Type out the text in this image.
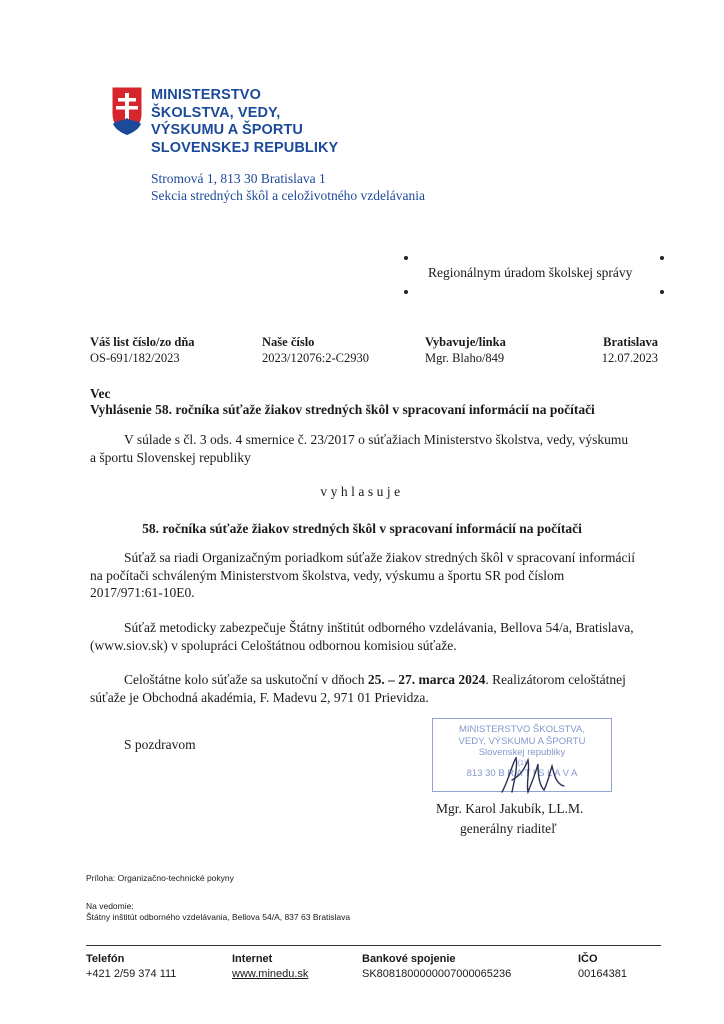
MINISTERSTVO
ŠKOLSTVA, VEDY,
VÝSKUMU A ŠPORTU
SLOVENSKEJ REPUBLIKY
Stromová 1, 813 30 Bratislava 1
Sekcia stredných škôl a celoživotného vzdelávania
Regionálnym úradom školskej správy
Váš list číslo/zo dňa
OS-691/182/2023
Naše číslo
2023/12076:2-C2930
Vybavuje/linka
Mgr. Blaho/849
Bratislava
12.07.2023
Vec
Vyhlásenie 58. ročníka súťaže žiakov stredných škôl v spracovaní informácií na počítači
V súlade s čl. 3 ods. 4 smernice č. 23/2017 o súťažiach Ministerstvo školstva, vedy, výskumu
a športu Slovenskej republiky
vyhlasuje
58. ročníka súťaže žiakov stredných škôl v spracovaní informácií na počítači
Súťaž sa riadi Organizačným poriadkom súťaže žiakov stredných škôl v spracovaní informácií
na počítači schváleným Ministerstvom školstva, vedy, výskumu a športu SR pod číslom
2017/971:61-10E0.
Súťaž metodicky zabezpečuje Štátny inštitút odborného vzdelávania, Bellova 54/a, Bratislava,
(www.siov.sk) v spolupráci Celoštátnou odbornou komisiou súťaže.
Celoštátne kolo súťaže sa uskutoční v dňoch 25. – 27. marca 2024. Realizátorom celoštátnej
súťaže je Obchodná akadémia, F. Madevu 2, 971 01 Prievidza.
S pozdravom
MINISTERSTVO ŠKOLSTVA,
VEDY, VÝSKUMU A ŠPORTU
Slovenskej republiky
(1)
813 30 B R A T I S L A V A
Mgr. Karol Jakubík, LL.M.
generálny riaditeľ
Príloha: Organizačno-technické pokyny
Na vedomie:
Štátny inštitút odborného vzdelávania, Bellova 54/A, 837 63 Bratislava
Telefón
+421 2/59 374 111
Internet
www.minedu.sk
Bankové spojenie
SK8081800000007000065236
IČO
00164381
